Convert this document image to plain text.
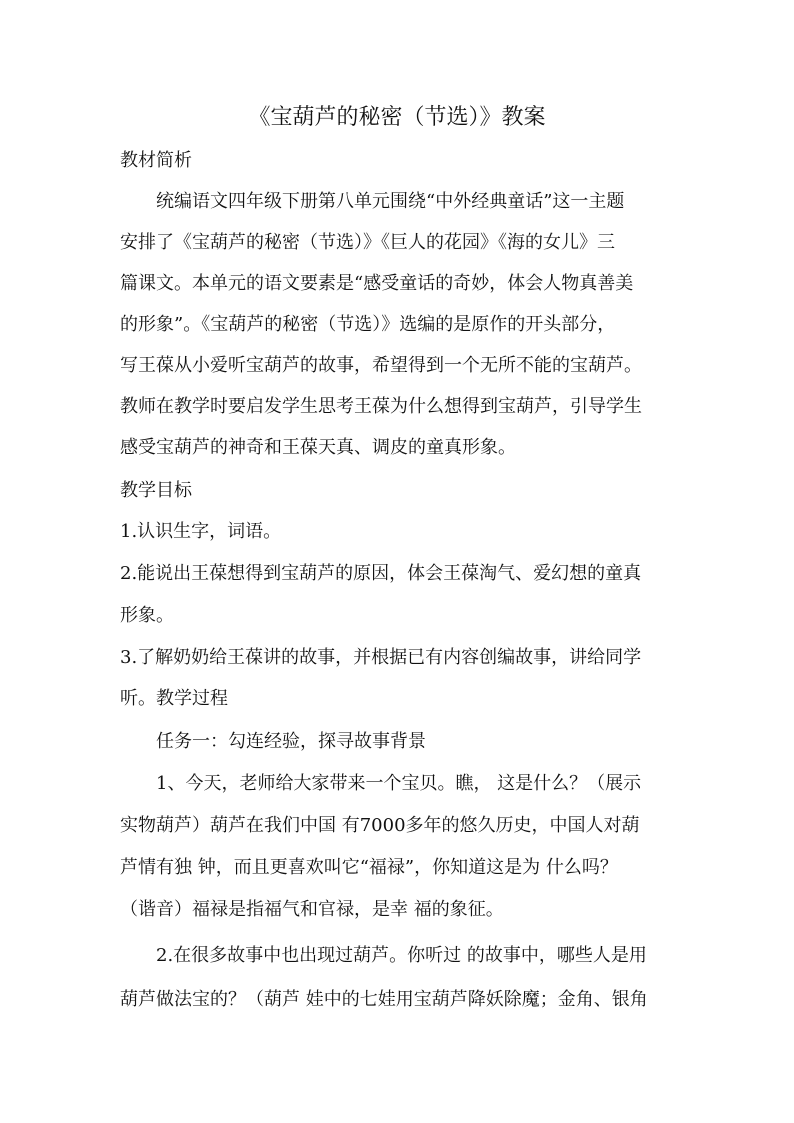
《宝葫芦的秘密（节选）》教案

教材简析

统编语文四年级下册第八单元围绕“中外经典童话”这一主题

安排了《宝葫芦的秘密（节选）》《巨人的花园》《海的女儿》三

篇课文。本单元的语文要素是“感受童话的奇妙，体会人物真善美

的形象”。《宝葫芦的秘密（节选）》选编的是原作的开头部分，

写王葆从小爱听宝葫芦的故事，希望得到一个无所不能的宝葫芦。

教师在教学时要启发学生思考王葆为什么想得到宝葫芦，引导学生

感受宝葫芦的神奇和王葆天真、调皮的童真形象。

教学目标

1.认识生字，词语。

2.能说出王葆想得到宝葫芦的原因，体会王葆淘气、爱幻想的童真

形象。

3.了解奶奶给王葆讲的故事，并根据已有内容创编故事，讲给同学

听。教学过程

任务一：勾连经验，探寻故事背景

1、今天，老师给大家带来一个宝贝。瞧， 这是什么？（展示

实物葫芦）葫芦在我们中国 有7000多年的悠久历史，中国人对葫

芦情有独 钟，而且更喜欢叫它“福禄”，你知道这是为 什么吗？

（谐音）福禄是指福气和官禄，是幸 福的象征。

2.在很多故事中也出现过葫芦。你听过 的故事中，哪些人是用

葫芦做法宝的？（葫芦 娃中的七娃用宝葫芦降妖除魔；金角、银角
